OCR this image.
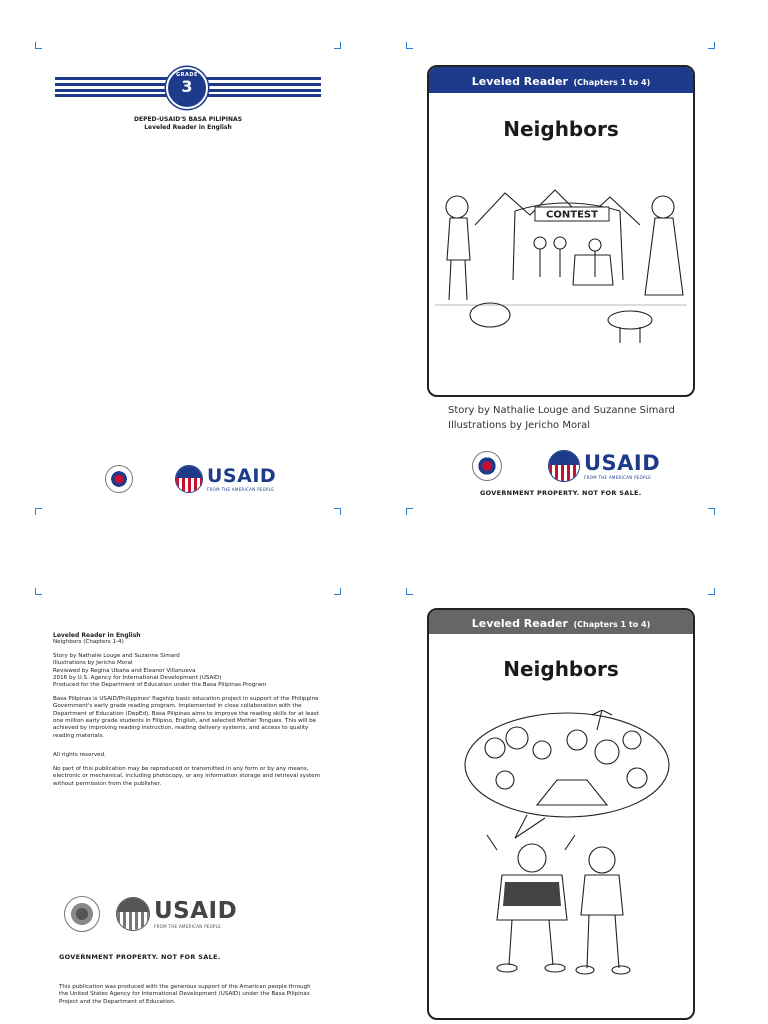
GRADE
3
DEPED-USAID'S BASA PILIPINAS
Leveled Reader in English
USAID
FROM THE AMERICAN PEOPLE
Leveled Reader (Chapters 1 to 4)
Neighbors
CONTEST
Story by Nathalie Louge and Suzanne Simard
Illustrations by Jericho Moral
USAID
FROM THE AMERICAN PEOPLE
GOVERNMENT PROPERTY. NOT FOR SALE.

Leveled Reader in English

Neighbors (Chapters 1-4)

Story by Nathalie Louge and Suzanne Simard

Illustrations by Jericho Moral

Reviewed by Regina Ubaña and Eleanor Villanueva

2016 by U.S. Agency for International Development (USAID)

Produced for the Department of Education under the Basa Pilipinas Program

Basa Pilipinas is USAID/Philippines' flagship basic education project in support of the Philippine Government's early grade reading program. Implemented in close collaboration with the Department of Education (DepEd), Basa Pilipinas aims to improve the reading skills for at least one million early grade students in Filipino, English, and selected Mother Tongues. This will be achieved by improving reading instruction, reading delivery systems, and access to quality reading materials.

All rights reserved.

No part of this publication may be reproduced or transmitted in any form or by any means, electronic or mechanical, including photocopy, or any information storage and retrieval system without permission from the publisher.

USAID
FROM THE AMERICAN PEOPLE
GOVERNMENT PROPERTY. NOT FOR SALE.
This publication was produced with the generous support of the American people through the United States Agency for International Development (USAID) under the Basa Pilipinas Project and the Department of Education.
Leveled Reader (Chapters 1 to 4)
Neighbors
